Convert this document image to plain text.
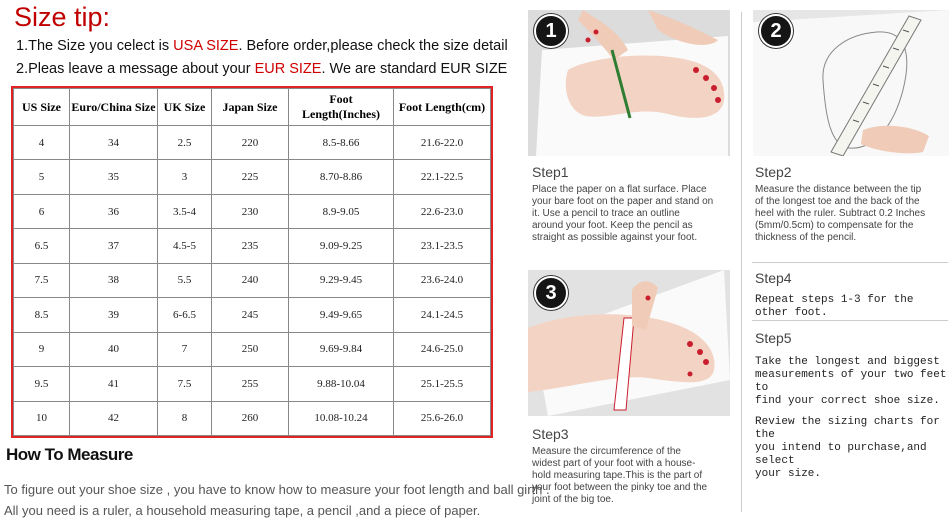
Size tip:
1.The Size you celect is USA SIZE. Before order,please check the size detail
2.Pleas leave a message about your EUR SIZE. We are standard EUR SIZE
US Size	Euro/China Size	UK Size	Japan Size	Foot Length(Inches)	Foot Length(cm)
4	34	2.5	220	8.5-8.66	21.6-22.0
5	35	3	225	8.70-8.86	22.1-22.5
6	36	3.5-4	230	8.9-9.05	22.6-23.0
6.5	37	4.5-5	235	9.09-9.25	23.1-23.5
7.5	38	5.5	240	9.29-9.45	23.6-24.0
8.5	39	6-6.5	245	9.49-9.65	24.1-24.5
9	40	7	250	9.69-9.84	24.6-25.0
9.5	41	7.5	255	9.88-10.04	25.1-25.5
10	42	8	260	10.08-10.24	25.6-26.0
How To Measure
To figure out your shoe size , you have to know how to measure your foot length and ball girth .
All you need is a ruler, a household measuring tape, a pencil ,and a piece of paper.
1
Step1
Place the paper on a flat surface. Place
your bare foot on the paper and stand on
it. Use a pencil to trace an outline
around your foot. Keep the pencil as
straight as possible against your foot.
3
Step3
Measure the circumference of the
widest part of your foot with a house-
hold measuring tape.This is the part of
your foot between the pinky toe and the
joint of the big toe.
2
Step2
Measure the distance between the tip
of the longest toe and the back of the
heel with the ruler. Subtract 0.2 Inches
(5mm/0.5cm) to compensate for the
thickness of the pencil.
Step4
Repeat steps 1-3 for the other foot.
Step5
Take the longest and biggest
measurements of your two feet to
find your correct shoe size.
Review the sizing charts for the
you intend to purchase,and select
your size.
